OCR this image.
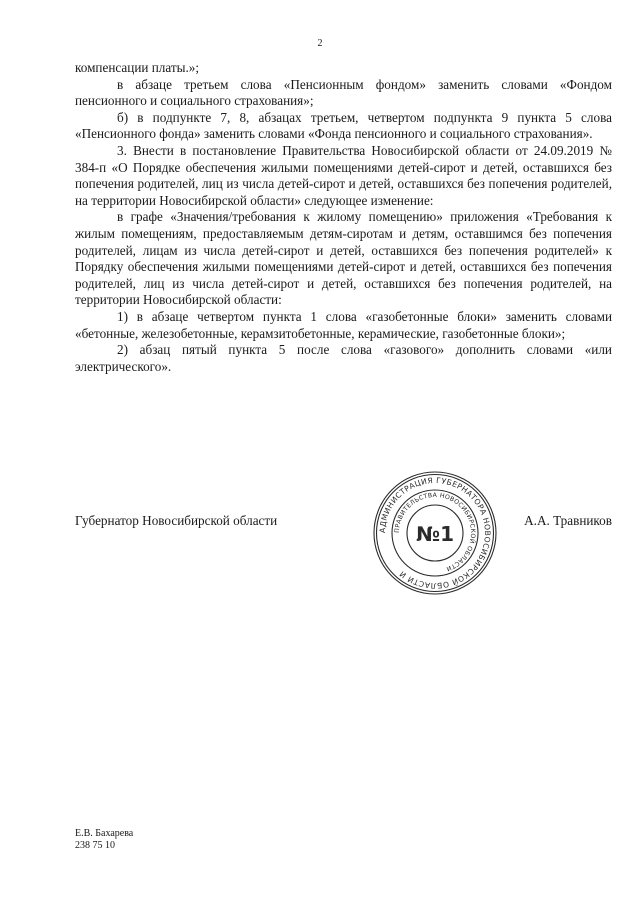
2

компенсации платы.»;

в абзаце третьем слова «Пенсионным фондом» заменить словами «Фондом пенсионного и социального страхования»;

б) в подпункте 7, 8, абзацах третьем, четвертом подпункта 9 пункта 5 слова «Пенсионного фонда» заменить словами «Фонда пенсионного и социального страхования».

3. Внести в постановление Правительства Новосибирской области от 24.09.2019 № 384-п «О Порядке обеспечения жилыми помещениями детей-сирот и детей, оставшихся без попечения родителей, лиц из числа детей-сирот и детей, оставшихся без попечения родителей, на территории Новосибирской области» следующее изменение:

в графе «Значения/требования к жилому помещению» приложения «Требования к жилым помещениям, предоставляемым детям-сиротам и детям, оставшимся без попечения родителей, лицам из числа детей-сирот и детей, оставшихся без попечения родителей» к Порядку обеспечения жилыми помещениями детей-сирот и детей, оставшихся без попечения родителей, лиц из числа детей-сирот и детей, оставшихся без попечения родителей, на территории Новосибирской области:

1) в абзаце четвертом пункта 1 слова «газобетонные блоки» заменить словами «бетонные, железобетонные, керамзитобетонные, керамические, газобетонные блоки»;

2) абзац пятый пункта 5 после слова «газового» дополнить словами «или электрического».

Губернатор Новосибирской области	А.А. Травников
АДМИНИСТРАЦИЯ ГУБЕРНАТОРА НОВОСИБИРСКОЙ ОБЛАСТИ И
ПРАВИТЕЛЬСТВА НОВОСИБИРСКОЙ ОБЛАСТИ
№1
Е.В. Бахарева
238 75 10
